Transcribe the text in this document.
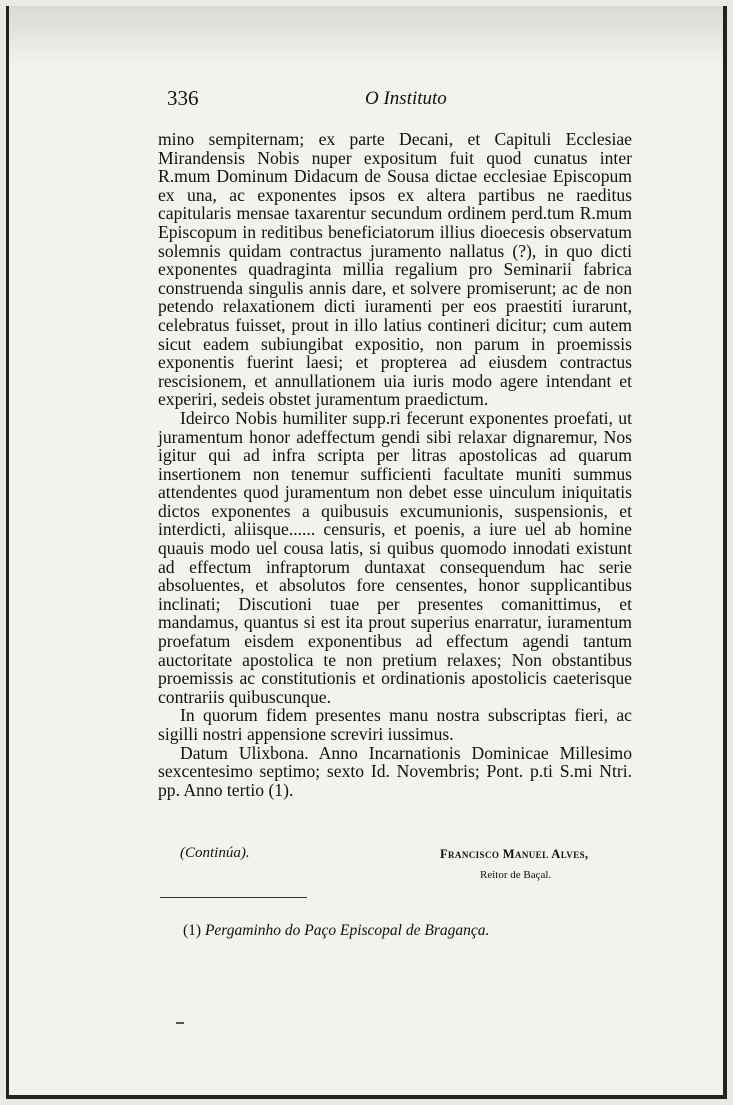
336	O Instituto

mino sempiternam; ex parte Decani, et Capituli Ecclesiae Mirandensis Nobis nuper expositum fuit quod cunatus inter R.mum Dominum Didacum de Sousa dictae ecclesiae Episcopum ex una, ac exponentes ipsos ex altera partibus ne raeditus capitularis mensae taxarentur secundum ordinem perd.tum R.mum Episcopum in reditibus beneficiatorum illius dioecesis observatum solemnis quidam contractus juramento nallatus (?), in quo dicti exponentes quadraginta millia regalium pro Seminarii fabrica construenda singulis annis dare, et solvere promiserunt; ac de non petendo relaxationem dicti iuramenti per eos praestiti iurarunt, celebratus fuisset, prout in illo latius contineri dicitur; cum autem sicut eadem subiungibat expositio, non parum in proemissis exponentis fuerint laesi; et propterea ad eiusdem contractus rescisionem, et annullationem uia iuris modo agere intendant et experiri, sedeis obstet juramentum praedictum.

Ideirco Nobis humiliter supp.ri fecerunt exponentes proefati, ut juramentum honor adeffectum gendi sibi relaxar dignaremur, Nos igitur qui ad infra scripta per litras apostolicas ad quarum insertionem non tenemur sufficienti facultate muniti summus attendentes quod juramentum non debet esse uinculum iniquitatis dictos exponentes a quibusuis excumunionis, suspensionis, et interdicti, aliisque...... censuris, et poenis, a iure uel ab homine quauis modo uel cousa latis, si quibus quomodo innodati existunt ad effectum infraptorum duntaxat consequendum hac serie absoluentes, et absolutos fore censentes, honor supplicantibus inclinati; Discutioni tuae per presentes comanittimus, et mandamus, quantus si est ita prout superius enarratur, iuramentum proefatum eisdem exponentibus ad effectum agendi tantum auctoritate apostolica te non pretium relaxes; Non obstantibus proemissis ac constitutionis et ordinationis apostolicis caeterisque contrariis quibuscunque.

In quorum fidem presentes manu nostra subscriptas fieri, ac sigilli nostri appensione screviri iussimus.

Datum Ulixbona. Anno Incarnationis Dominicae Millesimo sexcentesimo septimo; sexto Id. Novembris; Pont. p.ti S.mi Ntri. pp. Anno tertio (1).

(Continúa).	Francisco Manuel Alves,
Reitor de Baçal.
(1) Pergaminho do Paço Episcopal de Bragança.
